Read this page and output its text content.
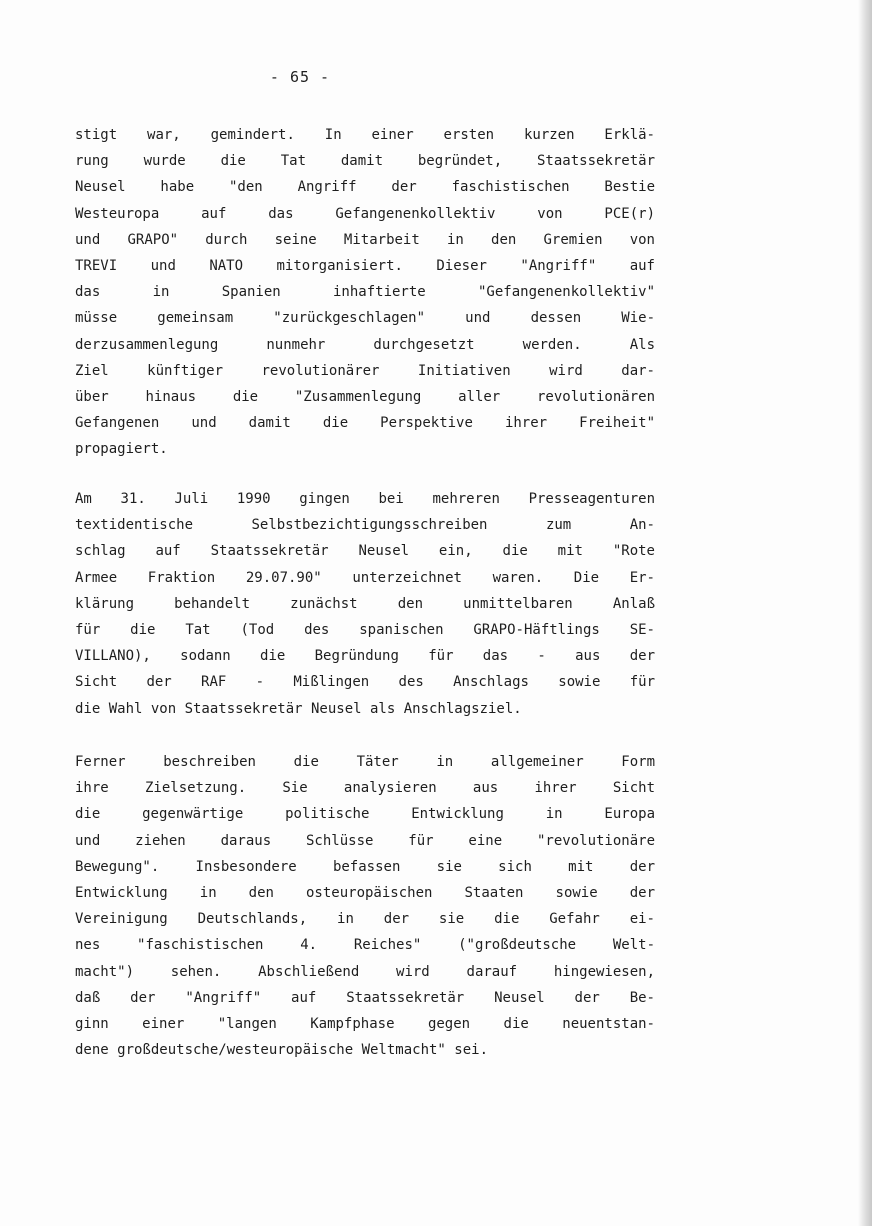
- 65 -
stigt war, gemindert. In einer ersten kurzen Erklä-
rung wurde die Tat damit begründet, Staatssekretär
Neusel habe "den Angriff der faschistischen Bestie
Westeuropa auf das Gefangenenkollektiv von PCE(r)
und GRAPO" durch seine Mitarbeit in den Gremien von
TREVI und NATO mitorganisiert. Dieser "Angriff" auf
das in Spanien inhaftierte "Gefangenenkollektiv"
müsse gemeinsam "zurückgeschlagen" und dessen Wie-
derzusammenlegung nunmehr durchgesetzt werden. Als
Ziel künftiger revolutionärer Initiativen wird dar-
über hinaus die "Zusammenlegung aller revolutionären
Gefangenen und damit die Perspektive ihrer Freiheit"
propagiert.
Am 31. Juli 1990 gingen bei mehreren Presseagenturen
textidentische Selbstbezichtigungsschreiben zum An-
schlag auf Staatssekretär Neusel ein, die mit "Rote
Armee Fraktion 29.07.90" unterzeichnet waren. Die Er-
klärung behandelt zunächst den unmittelbaren Anlaß
für die Tat (Tod des spanischen GRAPO-Häftlings SE-
VILLANO), sodann die Begründung für das - aus der
Sicht der RAF - Mißlingen des Anschlags sowie für
die Wahl von Staatssekretär Neusel als Anschlagsziel.
Ferner beschreiben die Täter in allgemeiner Form
ihre Zielsetzung. Sie analysieren aus ihrer Sicht
die gegenwärtige politische Entwicklung in Europa
und ziehen daraus Schlüsse für eine "revolutionäre
Bewegung". Insbesondere befassen sie sich mit der
Entwicklung in den osteuropäischen Staaten sowie der
Vereinigung Deutschlands, in der sie die Gefahr ei-
nes "faschistischen 4. Reiches" ("großdeutsche Welt-
macht") sehen. Abschließend wird darauf hingewiesen,
daß der "Angriff" auf Staatssekretär Neusel der Be-
ginn einer "langen Kampfphase gegen die neuentstan-
dene großdeutsche/westeuropäische Weltmacht" sei.
